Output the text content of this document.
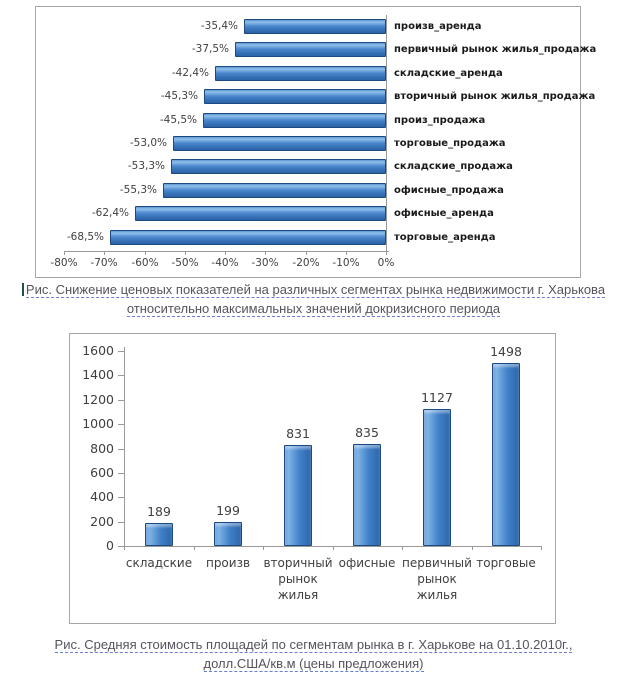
-35,4%	произв_аренда
-37,5%	первичный рынок жилья_продажа
-42,4%	складские_аренда
-45,3%	вторичный рынок жилья_продажа
-45,5%	произ_продажа
-53,0%	торговые_продажа
-53,3%	складские_продажа
-55,3%	офисные_продажа
-62,4%	офисные_аренда
-68,5%	торговые_аренда
-80%	-70%	-60%	-50%	-40%	-30%	-20%	-10%	0%

Рис. Снижение ценовых показателей на различных сегментах рынка недвижимости г. Харькова
относительно максимальных значений докризисного периода

1600
1400
1200
1000
800
600
400
200
0
189
складские
199
произв
831
вторичный рынок жилья
835
офисные
1127
первичный рынок жилья
1498
торговые

Рис. Средняя стоимость площадей по сегментам рынка в г. Харькове на 01.10.2010г.,
долл.США/кв.м (цены предложения)
